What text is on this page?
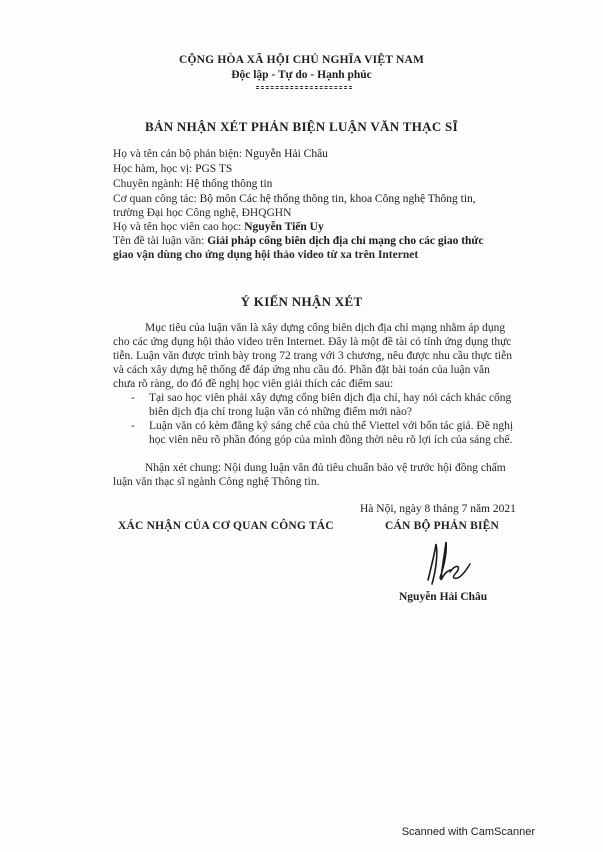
CỘNG HÒA XÃ HỘI CHỦ NGHĨA VIỆT NAM
Độc lập - Tự do - Hạnh phúc
BẢN NHẬN XÉT PHẢN BIỆN LUẬN VĂN THẠC SĨ
Họ và tên cán bộ phản biện: Nguyễn Hải Châu
Học hàm, học vị: PGS TS
Chuyên ngành: Hệ thống thông tin
Cơ quan công tác: Bộ môn Các hệ thống thông tin, khoa Công nghệ Thông tin,
trường Đại học Công nghệ, ĐHQGHN
Họ và tên học viên cao học: Nguyễn Tiến Uy
Tên đề tài luận văn: Giải pháp cổng biên dịch địa chỉ mạng cho các giao thức
giao vận dùng cho ứng dụng hội thảo video từ xa trên Internet
Ý KIẾN NHẬN XÉT
Mục tiêu của luận văn là xây dựng cổng biên dịch địa chỉ mạng nhằm áp dụng
cho các ứng dụng hội thảo video trên Internet. Đây là một đề tài có tính ứng dụng thực
tiễn. Luận văn được trình bày trong 72 trang với 3 chương, nêu được nhu cầu thực tiễn
và cách xây dựng hệ thống để đáp ứng nhu cầu đó. Phần đặt bài toán của luận văn
chưa rõ ràng, do đó đề nghị học viên giải thích các điểm sau:
- Tại sao học viên phải xây dựng cổng biên dịch địa chỉ, hay nói cách khác cổng
biên dịch địa chỉ trong luận văn có những điểm mới nào?
- Luận văn có kèm đăng ký sáng chế của chủ thể Viettel với bốn tác giả. Đề nghị
học viên nêu rõ phần đóng góp của mình đồng thời nêu rõ lợi ích của sáng chế.
Nhận xét chung: Nội dung luận văn đủ tiêu chuẩn bảo vệ trước hội đồng chấm
luận văn thạc sĩ ngành Công nghệ Thông tin.
Hà Nội, ngày 8 tháng 7 năm 2021
XÁC NHẬN CỦA CƠ QUAN CÔNG TÁC	CÁN BỘ PHẢN BIỆN
Nguyễn Hải Châu
Scanned with CamScanner
